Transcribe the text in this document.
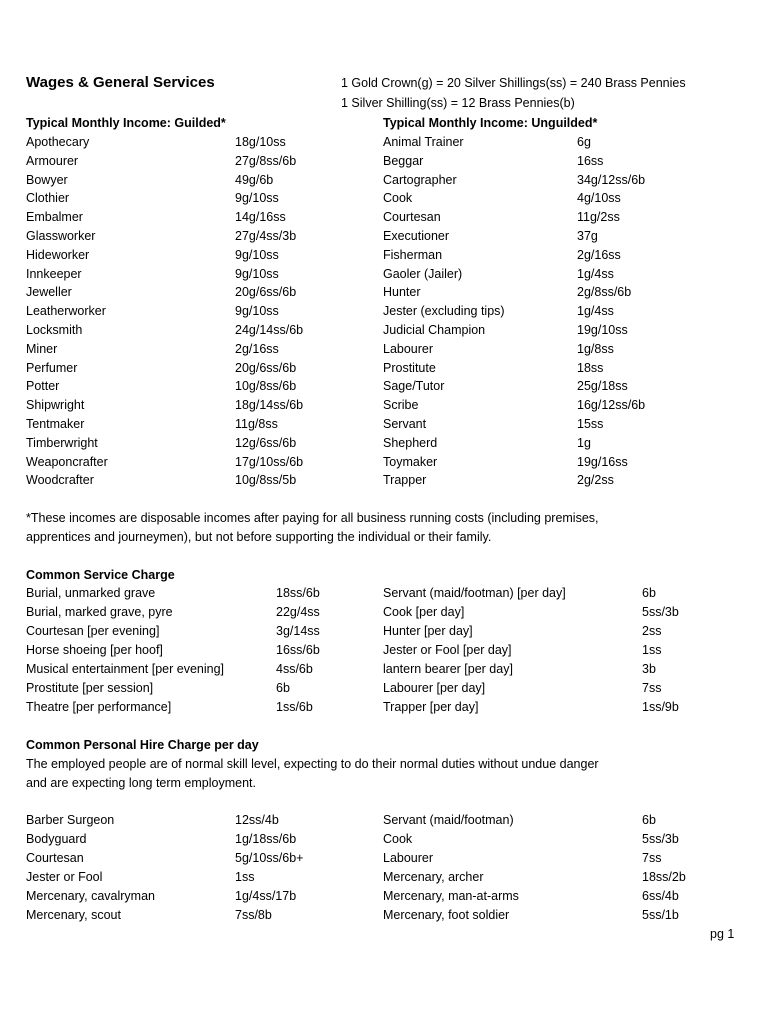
Wages & General Services	1 Gold Crown(g) = 20 Silver Shillings(ss) = 240 Brass Pennies
1 Silver Shilling(ss) = 12 Brass Pennies(b)
Typical Monthly Income: Guilded*	Typical Monthly Income: Unguilded*
Apothecary	18g/10ss
Armourer	27g/8ss/6b
Bowyer	49g/6b
Clothier	9g/10ss
Embalmer	14g/16ss
Glassworker	27g/4ss/3b
Hideworker	9g/10ss
Innkeeper	9g/10ss
Jeweller	20g/6ss/6b
Leatherworker	9g/10ss
Locksmith	24g/14ss/6b
Miner	2g/16ss
Perfumer	20g/6ss/6b
Potter	10g/8ss/6b
Shipwright	18g/14ss/6b
Tentmaker	11g/8ss
Timberwright	12g/6ss/6b
Weaponcrafter	17g/10ss/6b
Woodcrafter	10g/8ss/5b
Animal Trainer	6g
Beggar	16ss
Cartographer	34g/12ss/6b
Cook	4g/10ss
Courtesan	11g/2ss
Executioner	37g
Fisherman	2g/16ss
Gaoler (Jailer)	1g/4ss
Hunter	2g/8ss/6b
Jester (excluding tips)	1g/4ss
Judicial Champion	19g/10ss
Labourer	1g/8ss
Prostitute	18ss
Sage/Tutor	25g/18ss
Scribe	16g/12ss/6b
Servant	15ss
Shepherd	1g
Toymaker	19g/16ss
Trapper	2g/2ss
*These incomes are disposable incomes after paying for all business running costs (including premises,
apprentices and journeymen), but not before supporting the individual or their family.
Common Service Charge
Burial, unmarked grave	18ss/6b
Burial, marked grave, pyre	22g/4ss
Courtesan [per evening]	3g/14ss
Horse shoeing [per hoof]	16ss/6b
Musical entertainment [per evening]	4ss/6b
Prostitute [per session]	6b
Theatre [per performance]	1ss/6b
Servant (maid/footman) [per day]	6b
Cook [per day]	5ss/3b
Hunter [per day]	2ss
Jester or Fool [per day]	1ss
lantern bearer [per day]	3b
Labourer [per day]	7ss
Trapper [per day]	1ss/9b
Common Personal Hire Charge per day
The employed people are of normal skill level, expecting to do their normal duties without undue danger
and are expecting long term employment.
Barber Surgeon	12ss/4b
Bodyguard	1g/18ss/6b
Courtesan	5g/10ss/6b+
Jester or Fool	1ss
Mercenary, cavalryman	1g/4ss/17b
Mercenary, scout	7ss/8b
Servant (maid/footman)	6b
Cook	5ss/3b
Labourer	7ss
Mercenary, archer	18ss/2b
Mercenary, man-at-arms	6ss/4b
Mercenary, foot soldier	5ss/1b
pg 1
